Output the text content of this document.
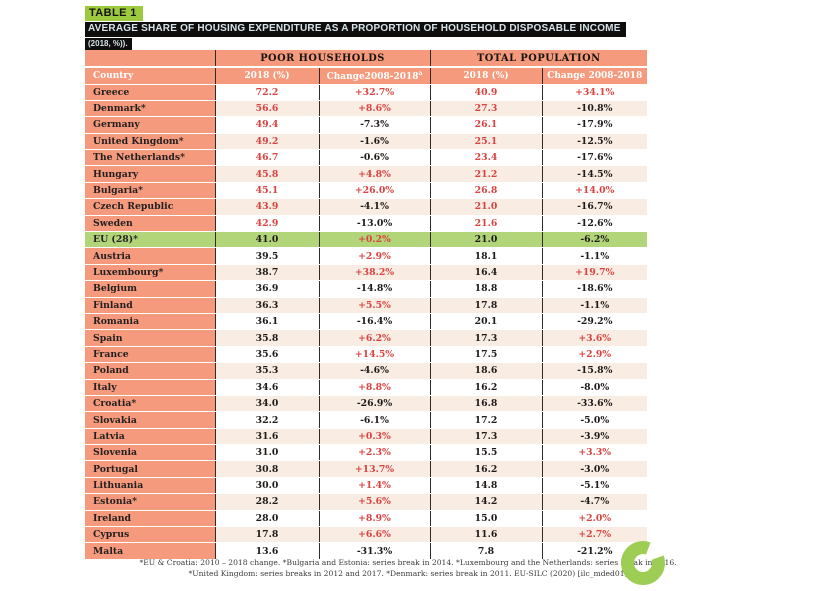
TABLE 1
AVERAGE SHARE OF HOUSING EXPENDITURE AS A PROPORTION OF HOUSEHOLD DISPOSABLE INCOME
(2018, %)).
	POOR HOUSEHOLDS		TOTAL POPULATION	
Country	2018 (%)	Change2008-2018$^a$	2018 (%)	Change 2008-2018
Greece	72.2	+32.7%	40.9	+34.1%
Denmark*	56.6	+8.6%	27.3	-10.8%
Germany	49.4	-7.3%	26.1	-17.9%
United Kingdom*	49.2	-1.6%	25.1	-12.5%
The Netherlands*	46.7	-0.6%	23.4	-17.6%
Hungary	45.8	+4.8%	21.2	-14.5%
Bulgaria*	45.1	+26.0%	26.8	+14.0%
Czech Republic	43.9	-4.1%	21.0	-16.7%
Sweden	42.9	-13.0%	21.6	-12.6%
EU (28)*	41.0	+0.2%	21.0	-6.2%
Austria	39.5	+2.9%	18.1	-1.1%
Luxembourg*	38.7	+38.2%	16.4	+19.7%
Belgium	36.9	-14.8%	18.8	-18.6%
Finland	36.3	+5.5%	17.8	-1.1%
Romania	36.1	-16.4%	20.1	-29.2%
Spain	35.8	+6.2%	17.3	+3.6%
France	35.6	+14.5%	17.5	+2.9%
Poland	35.3	-4.6%	18.6	-15.8%
Italy	34.6	+8.8%	16.2	-8.0%
Croatia*	34.0	-26.9%	16.8	-33.6%
Slovakia	32.2	-6.1%	17.2	-5.0%
Latvia	31.6	+0.3%	17.3	-3.9%
Slovenia	31.0	+2.3%	15.5	+3.3%
Portugal	30.8	+13.7%	16.2	-3.0%
Lithuania	30.0	+1.4%	14.8	-5.1%
Estonia*	28.2	+5.6%	14.2	-4.7%
Ireland	28.0	+8.9%	15.0	+2.0%
Cyprus	17.8	+6.6%	11.6	+2.7%
Malta	13.6	-31.3%	7.8	-21.2%
*EU & Croatia: 2010 – 2018 change. *Bulgaria and Estonia: series break in 2014. *Luxembourg and the Netherlands: series break in 2016.
*United Kingdom: series breaks in 2012 and 2017. *Denmark: series break in 2011. EU-SILC (2020) [ilc_mded01]
